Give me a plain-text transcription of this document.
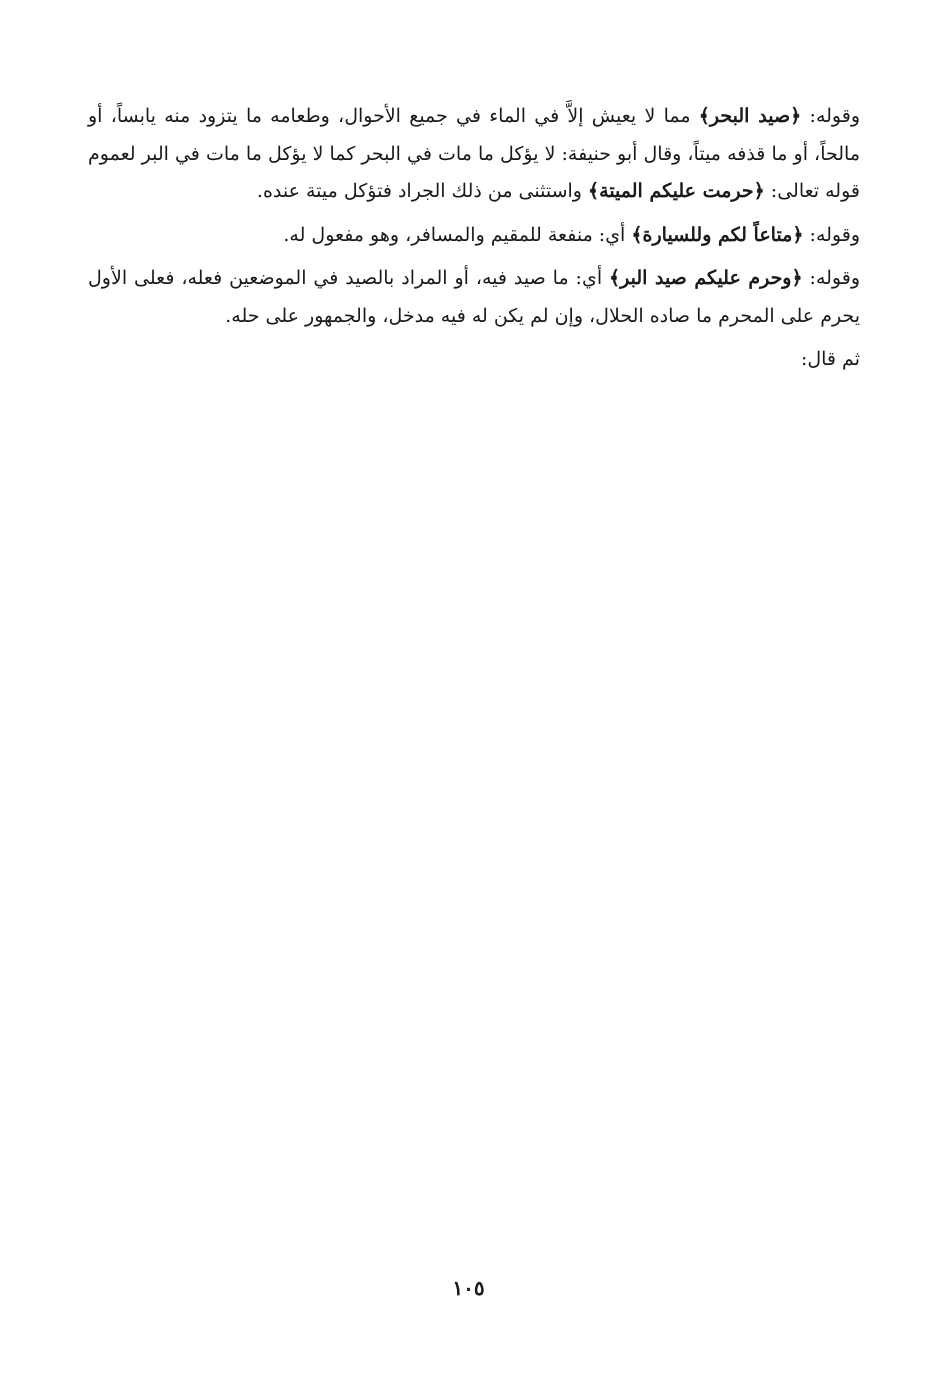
وقوله: ﴿صيد البحر﴾ مما لا يعيش إلاَّ في الماء في جميع الأحوال، وطعامه ما يتزود منه يابساً، أو مالحاً، أو ما قذفه ميتاً، وقال أبو حنيفة: لا يؤكل ما مات في البحر كما لا يؤكل ما مات في البر لعموم قوله تعالى: ﴿حرمت عليكم الميتة﴾ واستثنى من ذلك الجراد فتؤكل ميتة عنده.

وقوله: ﴿متاعاً لكم وللسيارة﴾ أي: منفعة للمقيم والمسافر، وهو مفعول له.

وقوله: ﴿وحرم عليكم صيد البر﴾ أي: ما صيد فيه، أو المراد بالصيد في الموضعين فعله، فعلى الأول يحرم على المحرم ما صاده الحلال، وإن لم يكن له فيه مدخل، والجمهور على حله.

ثم قال:

١٠٥
